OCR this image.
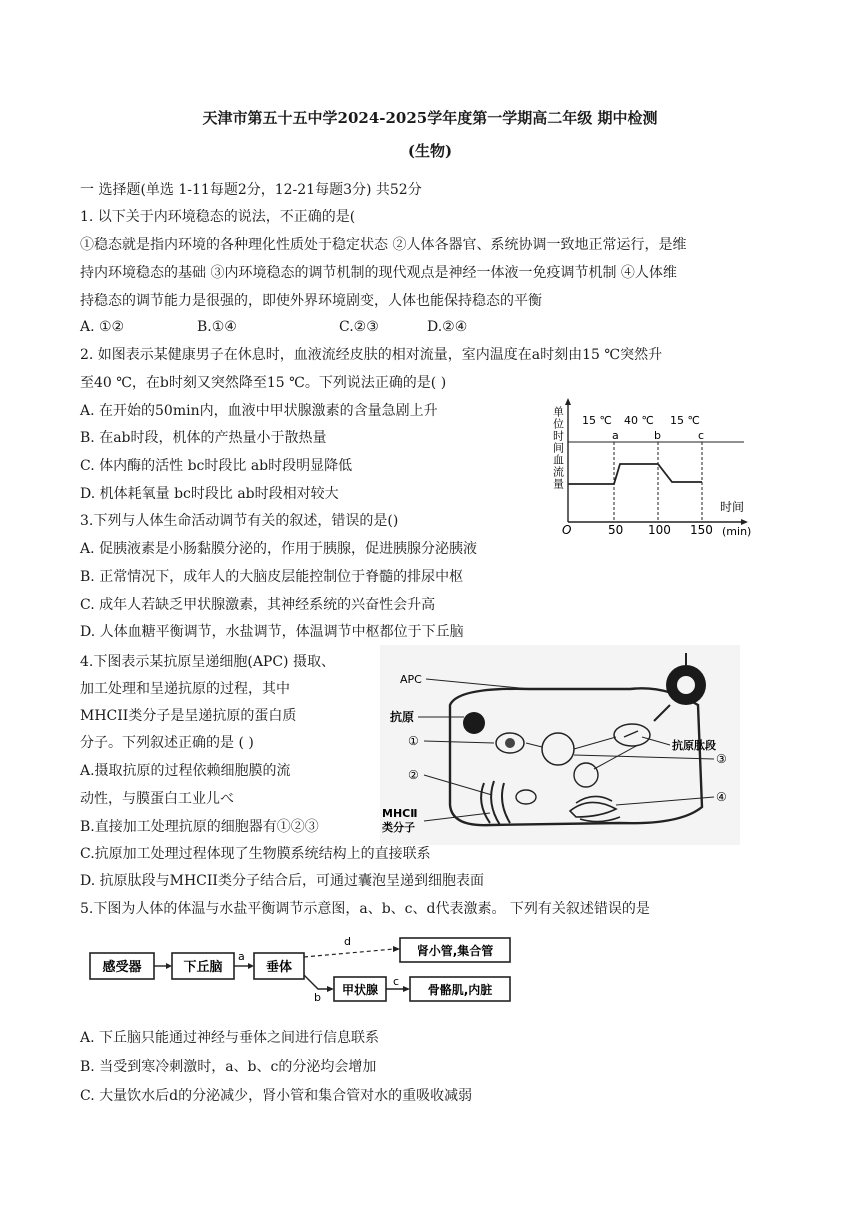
天津市第五十五中学2024-2025学年度第一学期高二年级 期中检测
(生物)
一 选择题(单选 1-11每题2分，12-21每题3分) 共52分
1. 以下关于内环境稳态的说法，不正确的是(
①稳态就是指内环境的各种理化性质处于稳定状态 ②人体各器官、系统协调一致地正常运行，是维
持内环境稳态的基础 ③内环境稳态的调节机制的现代观点是神经一体液一免疫调节机制 ④人体维
持稳态的调节能力是很强的，即使外界环境剧变，人体也能保持稳态的平衡
A. ①②	B.①④	C.②③	D.②④
2. 如图表示某健康男子在休息时，血液流经皮肤的相对流量，室内温度在a时刻由15 ℃突然升
至40 ℃，在b时刻又突然降至15 ℃。下列说法正确的是( )
A. 在开始的50min内，血液中甲状腺激素的含量急剧上升
B. 在ab时段，机体的产热量小于散热量
C. 体内酶的活性 bc时段比 ab时段明显降低
D. 机体耗氧量 bc时段比 ab时段相对较大
单位时间血流量
时间
(min)
O	50 100 150
15 ℃ 40 ℃ 15 ℃
a	b	c
3.下列与人体生命活动调节有关的叙述，错误的是()
A. 促胰液素是小肠黏膜分泌的，作用于胰腺，促进胰腺分泌胰液
B. 正常情况下，成年人的大脑皮层能控制位于脊髓的排尿中枢
C. 成年人若缺乏甲状腺激素，其神经系统的兴奋性会升高
D. 人体血糖平衡调节，水盐调节，体温调节中枢都位于下丘脑
4.下图表示某抗原呈递细胞(APC) 摄取、
加工处理和呈递抗原的过程，其中
MHCII类分子是呈递抗原的蛋白质
分子。下列叙述正确的是 ( )
A.摄取抗原的过程依赖细胞膜的流
动性，与膜蛋白工业儿べ
B.直接加工处理抗原的细胞器有①②③
C.抗原加工处理过程体现了生物膜系统结构上的直接联系
D. 抗原肽段与MHCII类分子结合后，可通过囊泡呈递到细胞表面
APC
抗原
①
②
③
④
MHCⅡ
类分子
抗原肽段
5.下图为人体的体温与水盐平衡调节示意图，a、b、c、d代表激素。 下列有关叙述错误的是
感受器	下丘脑
a
垂体
d
肾小管,集合管
b
甲状腺
c
骨骼肌,内脏
A. 下丘脑只能通过神经与垂体之间进行信息联系
B. 当受到寒冷刺激时，a、b、c的分泌均会增加
C. 大量饮水后d的分泌减少，肾小管和集合管对水的重吸收减弱
